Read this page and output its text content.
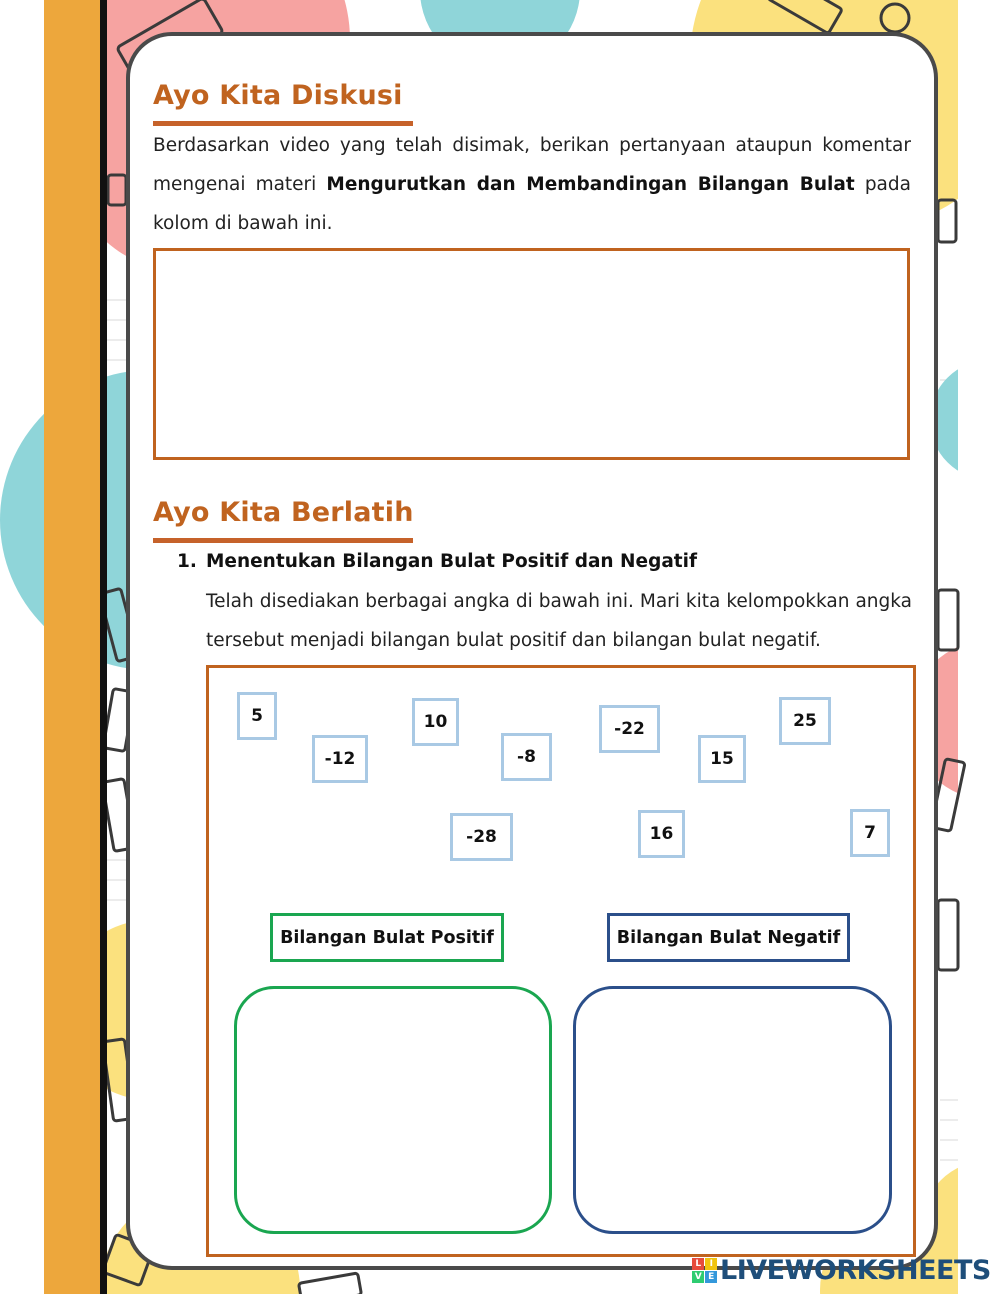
Ayo Kita Diskusi
Berdasarkan video yang telah disimak, berikan pertanyaan ataupun komentar mengenai materi Mengurutkan dan Membandingan Bilangan Bulat pada kolom di bawah ini.
Ayo Kita Berlatih
1. Menentukan Bilangan Bulat Positif dan Negatif
Telah disediakan berbagai angka di bawah ini. Mari kita kelompokkan angka tersebut menjadi bilangan bulat positif dan bilangan bulat negatif.
5
-12
10
-8
-22
15
25
-28	16	7
Bilangan Bulat Positif	Bilangan Bulat Negatif
L I
V E LIVEWORKSHEETS
